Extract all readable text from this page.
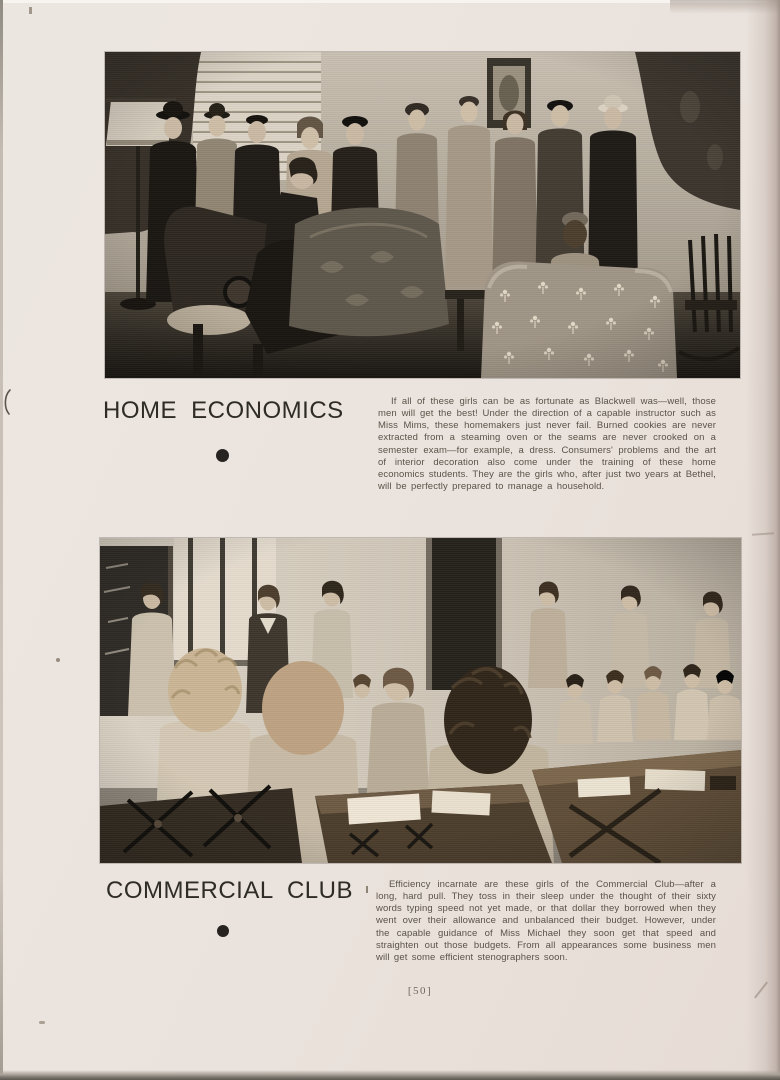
HOME ECONOMICS	If all of these girls can be as fortunate as Blackwell was—well, those men will get the best! Under the direction of a capable instructor such as Miss Mims, these homemakers just never fail. Burned cookies are never extracted from a steaming oven or the seams are never crooked on a semester exam—for example, a dress. Consumers' problems and the art of interior decoration also come under the training of these home economics students. They are the girls who, after just two years at Bethel, will be perfectly prepared to manage a household.

COMMERCIAL CLUB	Efficiency incarnate are these girls of the Commercial Club—after a long, hard pull. They toss in their sleep under the thought of their sixty words typing speed not yet made, or that dollar they borrowed when they went over their allowance and unbalanced their budget. However, under the capable guidance of Miss Michael they soon get that speed and straighten out those budgets. From all appearances some business men will get some efficient stenographers soon.

[50]
